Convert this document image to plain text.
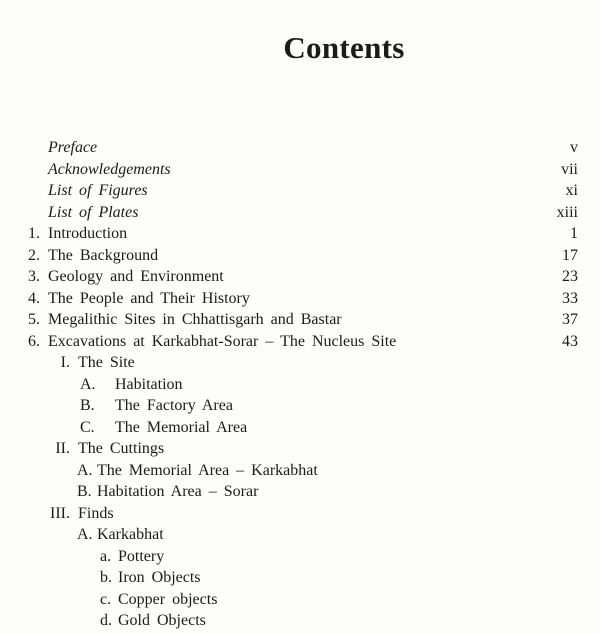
Contents
Preface	v
Acknowledgements	vii
List of Figures	xi
List of Plates	xiii
1. Introduction	1
2. The Background	17
3. Geology and Environment	23
4. The People and Their History	33
5. Megalithic Sites in Chhattisgarh and Bastar	37
6. Excavations at Karkabhat-Sorar – The Nucleus Site	43
I. The Site
A. Habitation
B. The Factory Area
C. The Memorial Area
II. The Cuttings
A. The Memorial Area – Karkabhat
B. Habitation Area – Sorar
III. Finds
A. Karkabhat
a. Pottery
b. Iron Objects
c. Copper objects
d. Gold Objects
